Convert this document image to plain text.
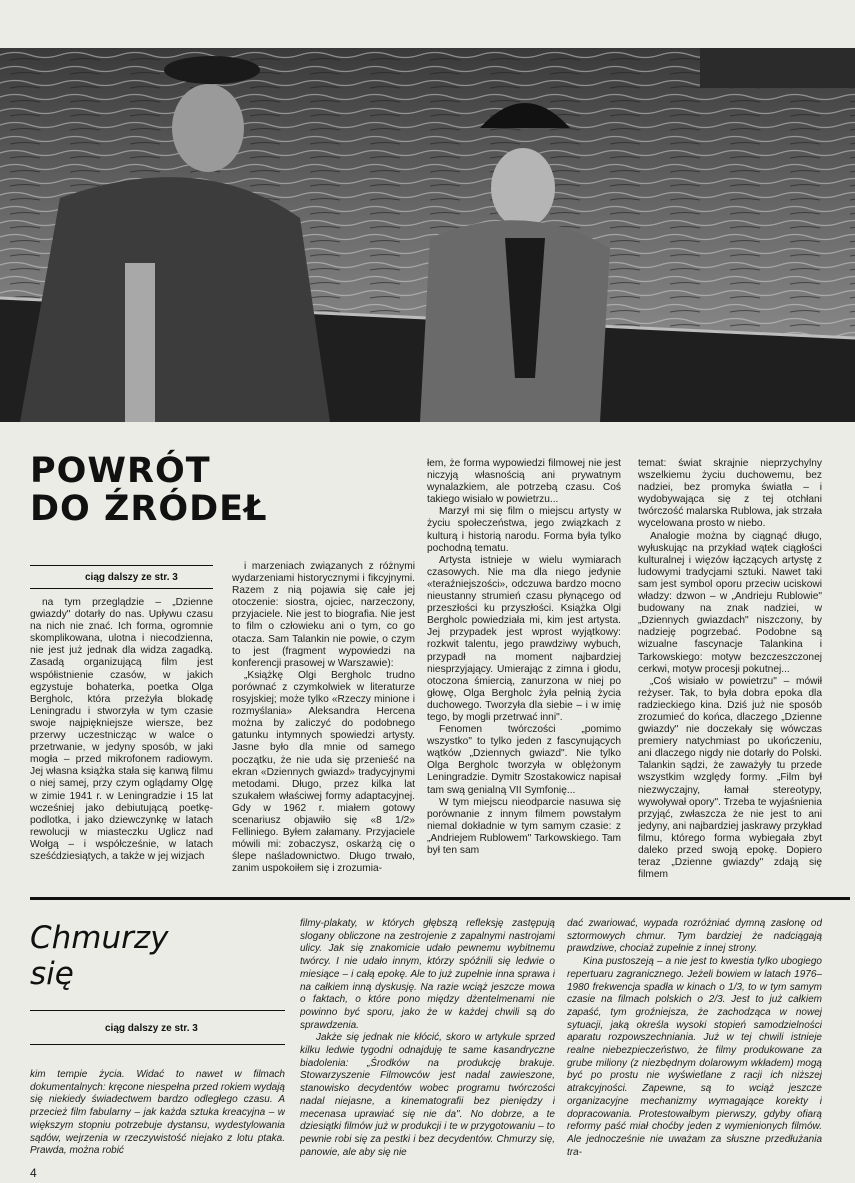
POWRÓT
DO ŹRÓDEŁ
ciąg dalszy ze str. 3

na tym przeglądzie – „Dzienne gwiazdy" dotarły do nas. Upływu czasu na nich nie znać. Ich forma, ogromnie skomplikowana, ulotna i niecodzienna, nie jest już jednak dla widza zagadką. Zasadą organizującą film jest współistnienie czasów, w jakich egzystuje bohaterka, poetka Olga Bergholc, która przeżyła blokadę Leningradu i stworzyła w tym czasie swoje najpiękniejsze wiersze, bez przerwy uczestnicząc w walce o przetrwanie, w jedyny sposób, w jaki mogła – przed mikrofonem radiowym. Jej własna książka stała się kanwą filmu o niej samej, przy czym oglądamy Olgę w zimie 1941 r. w Leningradzie i 15 lat wcześniej jako debiutującą poetkę-podlotka, i jako dziewczynkę w latach rewolucji w miasteczku Uglicz nad Wołgą – i współcześnie, w latach sześćdziesiątych, a także w jej wizjach

i marzeniach związanych z różnymi wydarzeniami historycznymi i fikcyjnymi. Razem z nią pojawia się całe jej otoczenie: siostra, ojciec, narzeczony, przyjaciele. Nie jest to biografia. Nie jest to film o człowieku ani o tym, co go otacza. Sam Talankin nie powie, o czym to jest (fragment wypowiedzi na konferencji prasowej w Warszawie):

„Książkę Olgi Bergholc trudno porównać z czymkolwiek w literaturze rosyjskiej; może tylko «Rzeczy minione i rozmyślania» Aleksandra Hercena można by zaliczyć do podobnego gatunku intymnych spowiedzi artysty. Jasne było dla mnie od samego początku, że nie uda się przenieść na ekran «Dziennych gwiazd» tradycyjnymi metodami. Długo, przez kilka lat szukałem właściwej formy adaptacyjnej. Gdy w 1962 r. miałem gotowy scenariusz objawiło się «8 1/2» Felliniego. Byłem załamany. Przyjaciele mówili mi: zobaczysz, oskarżą cię o ślepe naśladownictwo. Długo trwało, zanim uspokoiłem się i zrozumia-

łem, że forma wypowiedzi filmowej nie jest niczyją własnością ani prywatnym wynalazkiem, ale potrzebą czasu. Coś takiego wisiało w powietrzu...

Marzył mi się film o miejscu artysty w życiu społeczeństwa, jego związkach z kulturą i historią narodu. Forma była tylko pochodną tematu.

Artysta istnieje w wielu wymiarach czasowych. Nie ma dla niego jedynie «teraźniejszości», odczuwa bardzo mocno nieustanny strumień czasu płynącego od przeszłości ku przyszłości. Książka Olgi Bergholc powiedziała mi, kim jest artysta. Jej przypadek jest wprost wyjątkowy: rozkwit talentu, jego prawdziwy wybuch, przypadł na moment najbardziej niesprzyjający. Umierając z zimna i głodu, otoczona śmiercią, zanurzona w niej po głowę, Olga Bergholc żyła pełnią życia duchowego. Tworzyła dla siebie – i w imię tego, by mogli przetrwać inni".

Fenomen twórczości „pomimo wszystko" to tylko jeden z fascynujących wątków „Dziennych gwiazd". Nie tylko Olga Bergholc tworzyła w oblężonym Leningradzie. Dymitr Szostakowicz napisał tam swą genialną VII Symfonię...

W tym miejscu nieodparcie nasuwa się porównanie z innym filmem powstałym niemal dokładnie w tym samym czasie: z „Andriejem Rublowem" Tarkowskiego. Tam był ten sam

temat: świat skrajnie nieprzychylny wszelkiemu życiu duchowemu, bez nadziei, bez promyka światła – i wydobywająca się z tej otchłani twórczość malarska Rublowa, jak strzała wycelowana prosto w niebo.

Analogie można by ciągnąć długo, wyłuskując na przykład wątek ciągłości kulturalnej i więzów łączących artystę z ludowymi tradycjami sztuki. Nawet taki sam jest symbol oporu przeciw uciskowi władzy: dzwon – w „Andrieju Rublowie" budowany na znak nadziei, w „Dziennych gwiazdach" niszczony, by nadzieję pogrzebać. Podobne są wizualne fascynacje Talankina i Tarkowskiego: motyw bezczeszczonej cerkwi, motyw procesji pokutnej...

„Coś wisiało w powietrzu" – mówił reżyser. Tak, to była dobra epoka dla radzieckiego kina. Dziś już nie sposób zrozumieć do końca, dlaczego „Dzienne gwiazdy" nie doczekały się wówczas premiery natychmiast po ukończeniu, ani dlaczego nigdy nie dotarły do Polski. Talankin sądzi, że zaważyły tu przede wszystkim względy formy. „Film był niezwyczajny, łamał stereotypy, wywoływał opory". Trzeba te wyjaśnienia przyjąć, zwłaszcza że nie jest to ani jedyny, ani najbardziej jaskrawy przykład filmu, którego forma wybiegała zbyt daleko przed swoją epokę. Dopiero teraz „Dzienne gwiazdy" zdają się filmem

Chmurzy
się
ciąg dalszy ze str. 3

kim tempie życia. Widać to nawet w filmach dokumentalnych: kręcone niespełna przed rokiem wydają się niekiedy świadectwem bardzo odległego czasu. A przecież film fabularny – jak każda sztuka kreacyjna – w większym stopniu potrzebuje dystansu, wydestylowania sądów, wejrzenia w rzeczywistość niejako z lotu ptaka. Prawda, można robić

filmy-plakaty, w których głębszą refleksję zastępują slogany obliczone na zestrojenie z zapalnymi nastrojami ulicy. Jak się znakomicie udało pewnemu wybitnemu twórcy. I nie udało innym, którzy spóźnili się ledwie o miesiące – i całą epokę. Ale to już zupełnie inna sprawa i na całkiem inną dyskusję. Na razie wciąż jeszcze mowa o faktach, o które pono między dżentelmenami nie powinno być sporu, jako że w każdej chwili są do sprawdzenia.

Jakże się jednak nie kłócić, skoro w artykule sprzed kilku ledwie tygodni odnajduję te same kasandryczne biadolenia: „Środków na produkcję brakuje. Stowarzyszenie Filmowców jest nadal zawieszone, stanowisko decydentów wobec programu twórczości nadal niejasne, a kinematografii bez pieniędzy i mecenasa uprawiać się nie da". No dobrze, a te dziesiątki filmów już w produkcji i te w przygotowaniu – to pewnie robi się za pestki i bez decydentów. Chmurzy się, panowie, ale aby się nie

dać zwariować, wypada rozróżniać dymną zasłonę od sztormowych chmur. Tym bardziej że nadciągają prawdziwe, chociaż zupełnie z innej strony.

Kina pustoszeją – a nie jest to kwestia tylko ubogiego repertuaru zagranicznego. Jeżeli bowiem w latach 1976–1980 frekwencja spadła w kinach o 1/3, to w tym samym czasie na filmach polskich o 2/3. Jest to już całkiem zapaść, tym groźniejsza, że zachodząca w nowej sytuacji, jaką określa wysoki stopień samodzielności aparatu rozpowszechniania. Już w tej chwili istnieje realne niebezpieczeństwo, że filmy produkowane za grube miliony (z niezbędnym dolarowym wkładem) mogą być po prostu nie wyświetlane z racji ich niższej atrakcyjności. Zapewne, są to wciąż jeszcze organizacyjne mechanizmy wymagające korekty i dopracowania. Protestowałbym pierwszy, gdyby ofiarą reformy paść miał choćby jeden z wymienionych filmów. Ale jednocześnie nie uważam za słuszne przedłużania tra-

4
